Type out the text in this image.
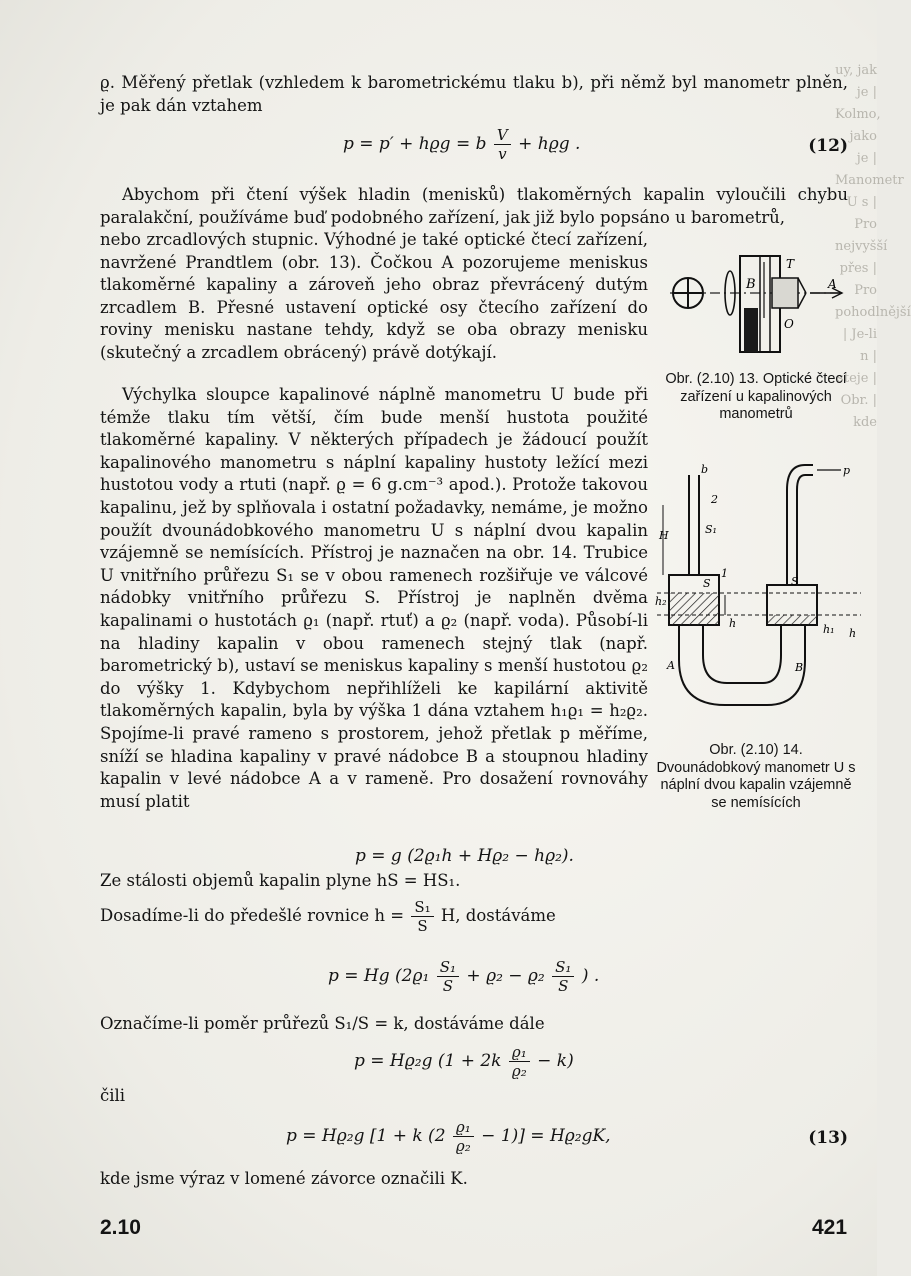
uy, jak je | Kolmo, jako je | Manometr U s | Pro nejvyšší přes | Pro pohodlnější | Je-li n | steje | Obr. | kde
ϱ. Měřený přetlak (vzhledem k barometrickému tlaku b), při němž byl manometr plněn, je pak dán vztahem
p = p′ + hϱg = b $\frac{V}{v} + hϱg$ .	(12)
Abychom při čtení výšek hladin (menisků) tlakoměrných kapalin vyloučili chybu paralakční, používáme buď podobného zařízení, jak již bylo popsáno u barometrů,
nebo zrcadlových stupnic. Výhodné je také optické čtecí zařízení, navržené Prandtlem (obr. 13). Čočkou A pozorujeme meniskus tlakoměrné kapaliny a zároveň jeho obraz převrácený dutým zrcadlem B. Přesné ustavení optické osy čtecího zařízení do roviny menisku nastane tehdy, když se oba obrazy menisku (skutečný a zrcadlem obrácený) právě dotýkají.
Výchylka sloupce kapalinové náplně manometru U bude při témže tlaku tím větší, čím bude menší hustota použité tlakoměrné kapaliny. V některých případech je žádoucí použít kapalinového manometru s náplní kapaliny hustoty ležící mezi hustotou vody a rtuti (např. ϱ = 6 g.cm⁻³ apod.). Protože takovou kapalinu, jež by splňovala i ostatní požadavky, nemáme, je možno použít dvounádobkového manometru U s náplní dvou kapalin vzájemně se nemísících. Přístroj je naznačen na obr. 14. Trubice U vnitřního průřezu S₁ se v obou ramenech rozšiřuje ve válcové nádobky vnitřního průřezu S. Přístroj je naplněn dvěma kapalinami o hustotách ϱ₁ (např. rtuť) a ϱ₂ (např. voda). Působí-li na hladiny kapalin v obou ramenech stejný tlak (např. barometrický b), ustaví se meniskus kapaliny s menší hustotou ϱ₂ do výšky 1. Kdybychom nepřihlíželi ke kapilární aktivitě tlakoměrných kapalin, byla by výška 1 dána vztahem h₁ϱ₁ = h₂ϱ₂. Spojíme-li pravé rameno s prostorem, jehož přetlak p měříme, sníží se hladina kapaliny v pravé nádobce B a stoupnou hladiny kapalin v levé nádobce A a v rameně. Pro dosažení rovnováhy musí platit
B
T
A
O
Obr. (2.10) 13. Optické čtecí zařízení u kapalinových manometrů
b	p
2
S₁
H
1
S	S
h₂
h	h₁ h
A	B
Obr. (2.10) 14. Dvounádobkový manometr U s náplní dvou kapalin vzájemně se nemísících
p = g (2ϱ₁h + Hϱ₂ − hϱ₂).
Ze stálosti objemů kapalin plyne hS = HS₁.
Dosadíme-li do předešlé rovnice $h = \frac{\text{S₁}}{S} H$, dostáváme
p = Hg ($2ϱ_1 \frac{\text{S₁}}{S} + ϱ_2 - ϱ_2 \frac{\text{S₁}}{S}$ ) .
Označíme-li poměr průřezů S₁/S = k, dostáváme dále
p = Hϱ₂g $(1 + 2k \frac{\text{ϱ₁}}{\text{ϱ₂}} - k)$
čili
p = Hϱ₂g [1 + k $(2 \frac{\text{ϱ₁}}{\text{ϱ₂}} - 1)] = Hϱ_2gK$,	(13)
kde jsme výraz v lomené závorce označili K.
2.10	421
